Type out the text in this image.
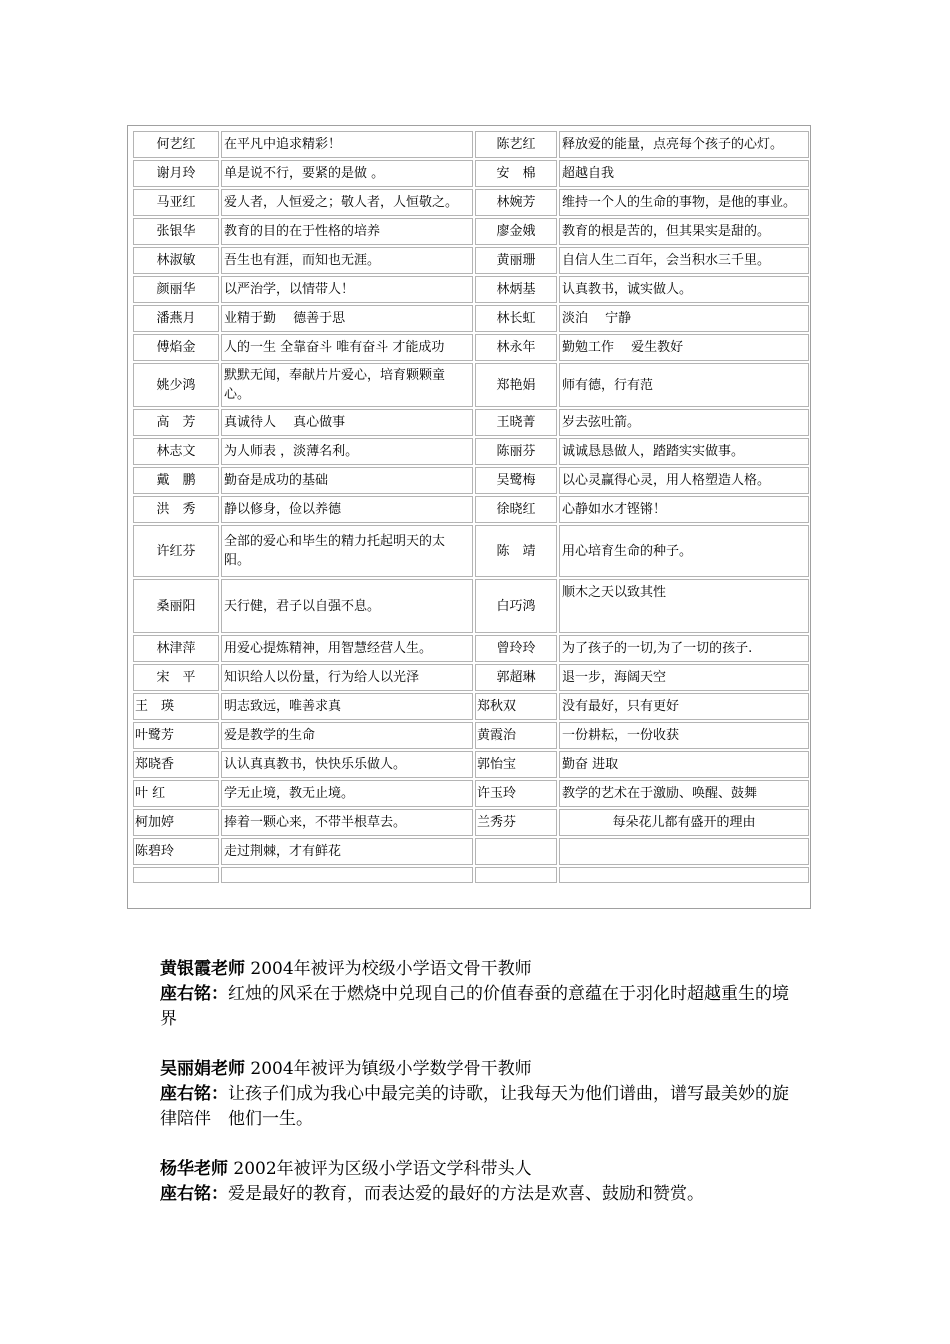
何艺红	在平凡中追求精彩！	陈艺红	释放爱的能量，点亮每个孩子的心灯。
谢月玲	单是说不行，要紧的是做 。	安　棉	超越自我
马亚红	爱人者，人恒爱之；敬人者，人恒敬之。	林婉芳	维持一个人的生命的事物，是他的事业。
张银华	教育的目的在于性格的培养	廖金娥	教育的根是苦的，但其果实是甜的。
林淑敏	吾生也有涯，而知也无涯。	黄丽珊	自信人生二百年，会当积水三千里。
颜丽华	以严治学，以情带人！	林炳基	认真教书，诚实做人。
潘燕月	业精于勤　 德善于思	林长虹	淡泊　 宁静
傅焰金	人的一生 全靠奋斗 唯有奋斗 才能成功	林永年	勤勉工作　 爱生教好
姚少鸿	默默无闻，奉献片片爱心，培育颗颗童心。	郑艳娟	师有德，行有范
高　芳	真诚待人　 真心做事	王晓菁	岁去弦吐箭。
林志文	为人师表 ，淡薄名利。	陈丽芬	诚诚恳恳做人，踏踏实实做事。
戴　鹏	勤奋是成功的基础	吴鹭梅	以心灵赢得心灵，用人格塑造人格。
洪　秀	静以修身，俭以养德	徐晓红	心静如水才铿锵！
许红芬	全部的爱心和毕生的精力托起明天的太阳。	陈　靖	用心培育生命的种子。
桑丽阳	天行健，君子以自强不息。	白巧鸿	顺木之天以致其性
林津萍	用爱心提炼精神，用智慧经营人生。	曾玲玲	为了孩子的一切,为了一切的孩子.
宋　平	知识给人以份量，行为给人以光泽	郭超琳	退一步，海阔天空
王　瑛	明志致远，唯善求真	郑秋双	没有最好，只有更好
叶鹭芳	爱是教学的生命	黄霞治	一份耕耘，一份收获
郑晓香	认认真真教书，快快乐乐做人。	郭怡宝	勤奋 进取
叶 红	学无止境，教无止境。	许玉玲	教学的艺术在于激励、唤醒、鼓舞
柯加婷	捧着一颗心来，不带半根草去。	兰秀芬	每朵花儿都有盛开的理由
陈碧玲	走过荆棘，才有鲜花		

黄银霞老师 2004年被评为校级小学语文骨干教师
座右铭：红烛的风采在于燃烧中兑现自己的价值春蚕的意蕴在于羽化时超越重生的境界
吴丽娟老师 2004年被评为镇级小学数学骨干教师
座右铭：让孩子们成为我心中最完美的诗歌，让我每天为他们谱曲，谱写最美妙的旋律陪伴　他们一生。
杨华老师 2002年被评为区级小学语文学科带头人
座右铭：爱是最好的教育，而表达爱的最好的方法是欢喜、鼓励和赞赏。
